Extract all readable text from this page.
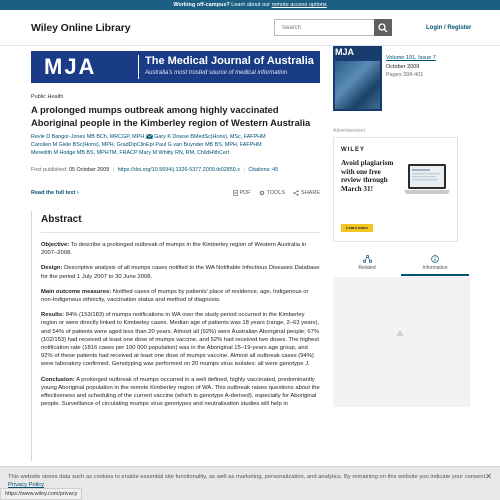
Working off-campus? Learn about our remote access options
Wiley Online Library
Search	Login / Register
MJA	The Medical Journal of Australia
Australia's most trusted source of medical information
MJA
Volume 191, Issue 7
October 2009
Pages 398-401
Public Health
A prolonged mumps outbreak among highly vaccinated Aboriginal people in the Kimberley region of Western Australia
Revle D Bangor-Jones MB BCh, MRCGP, MPH Gary K Dowse BMedSc(Hons), MSc, FAFPHM
Carolien M Giele BSc(Hons), MPH, GradDipClinEpi Paul G van Buynder MB BS, MPH, FAFPHM
Meredith M Hodge MB BS, MPHTM, FRACP Mary M Whitty RN, RM, ChildHlthCert
First published: 05 October 2009 | https://doi.org/10.5694/j.1326-5377.2009.tb02850.x | Citations: 45
Read the full text ›	PDF	TOOLS	SHARE
Abstract

Objective: To describe a prolonged outbreak of mumps in the Kimberley region of Western Australia in 2007–2008.

Design: Descriptive analysis of all mumps cases notified to the WA Notifiable Infectious Diseases Database for the period 1 July 2007 to 30 June 2008.

Main outcome measures: Notified cases of mumps by patients’ place of residence, age, Indigenous or non-Indigenous ethnicity, vaccination status and method of diagnosis.

Results: 84% (153/183) of mumps notifications in WA over the study period occurred in the Kimberley region or were directly linked to Kimberley cases. Median age of patients was 18 years (range, 2–63 years), and 54% of patients were aged less than 20 years. Almost all (92%) were Australian Aboriginal people; 67% (102/153) had received at least one dose of mumps vaccine, and 52% had received two doses. The highest notification rate (1816 cases per 100 000 population) was in the Aboriginal 15–19-years age group, and 92% of these patients had received at least one dose of mumps vaccine. Almost all outbreak cases (94%) were laboratory confirmed. Genotyping was performed on 20 mumps virus isolates: all were genotype J.

Conclusion: A prolonged outbreak of mumps occurred in a well defined, highly vaccinated, predominantly young Aboriginal population in the remote Kimberley region of WA. This outbreak raises questions about the effectiveness and scheduling of the current vaccine (which is genotype A-derived), especially for Aboriginal people. Surveillance of circulating mumps virus genotypes and neutralisation studies will help in

Advertisement
WILEY
Avoid plagiarism with one free review through March 31!
Learn more
Related	Information
⁂

This website stores data such as cookies to enable essential site functionality, as well as marketing, personalization, and analytics. By remaining on this website you indicate your consent. Privacy Policy

✕
https://www.wiley.com/privacy
